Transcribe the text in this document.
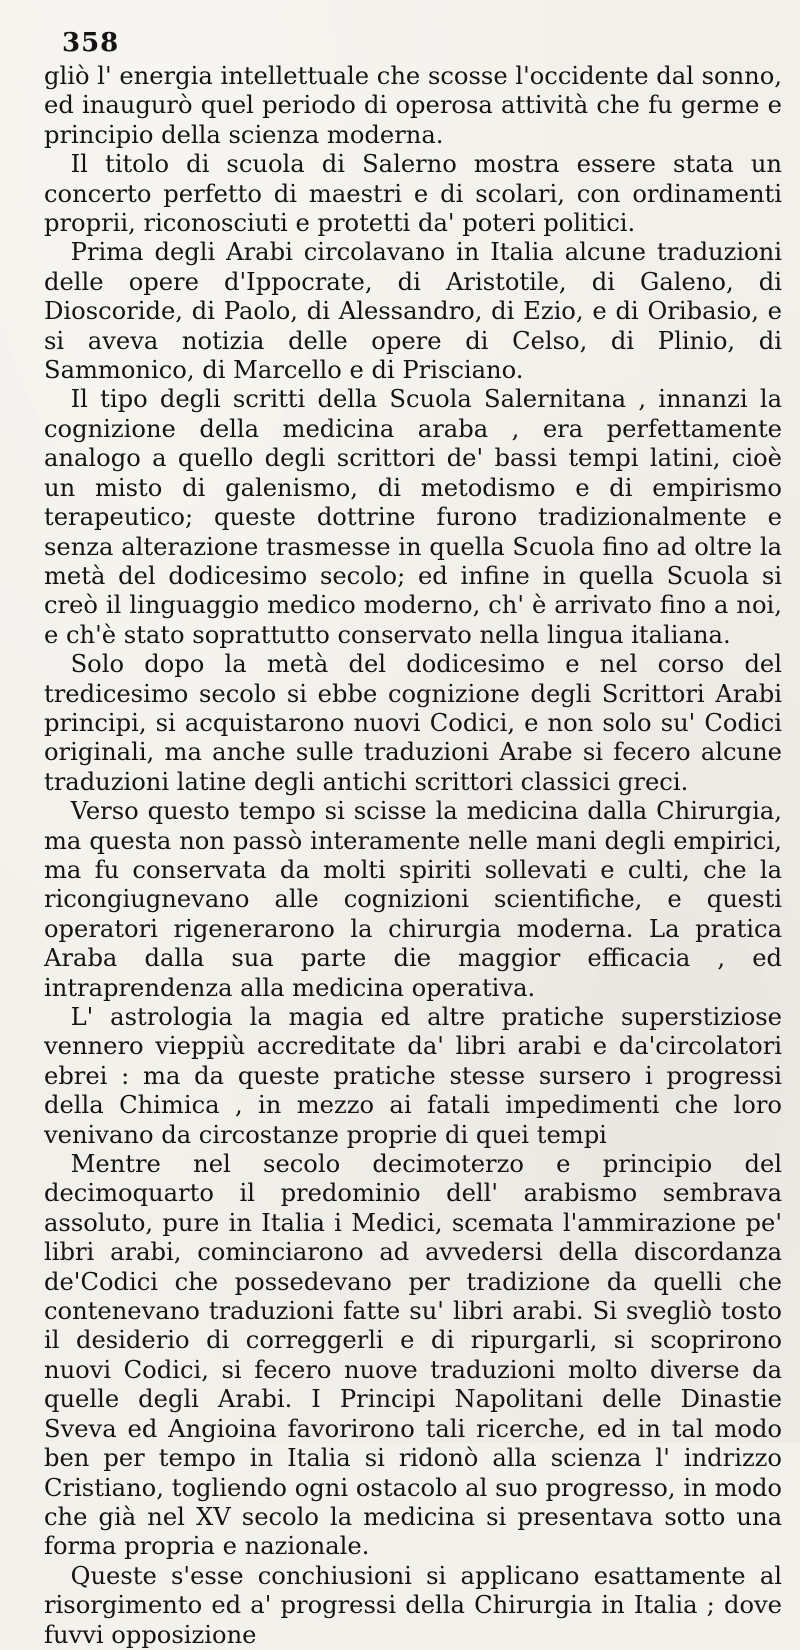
358

gliò l' energia intellettuale che scosse l'occidente dal sonno, ed inaugurò quel periodo di operosa attività che fu germe e principio della scienza moderna.

Il titolo di scuola di Salerno mostra essere stata un concerto perfetto di maestri e di scolari, con ordinamenti proprii, riconosciuti e protetti da' poteri politici.

Prima degli Arabi circolavano in Italia alcune traduzioni delle opere d'Ippocrate, di Aristotile, di Galeno, di Dioscoride, di Paolo, di Alessandro, di Ezio, e di Oribasio, e si aveva notizia delle opere di Celso, di Plinio, di Sammonico, di Marcello e di Prisciano.

Il tipo degli scritti della Scuola Salernitana , innanzi la cognizione della medicina araba , era perfettamente analogo a quello degli scrittori de' bassi tempi latini, cioè un misto di galenismo, di metodismo e di empirismo terapeutico; queste dottrine furono tradizionalmente e senza alterazione trasmesse in quella Scuola fino ad oltre la metà del dodicesimo secolo; ed infine in quella Scuola si creò il linguaggio medico moderno, ch' è arrivato fino a noi, e ch'è stato soprattutto conservato nella lingua italiana.

Solo dopo la metà del dodicesimo e nel corso del tredicesimo secolo si ebbe cognizione degli Scrittori Arabi principi, si acquistarono nuovi Codici, e non solo su' Codici originali, ma anche sulle traduzioni Arabe si fecero alcune traduzioni latine degli antichi scrittori classici greci.

Verso questo tempo si scisse la medicina dalla Chirurgia, ma questa non passò interamente nelle mani degli empirici, ma fu conservata da molti spiriti sollevati e culti, che la ricongiugnevano alle cognizioni scientifiche, e questi operatori rigenerarono la chirurgia moderna. La pratica Araba dalla sua parte die maggior efficacia , ed intraprendenza alla medicina operativa.

L' astrologia la magia ed altre pratiche superstiziose vennero vieppiù accreditate da' libri arabi e da'circolatori ebrei : ma da queste pratiche stesse sursero i progressi della Chimica , in mezzo ai fatali impedimenti che loro venivano da circostanze proprie di quei tempi

Mentre nel secolo decimoterzo e principio del decimoquarto il predominio dell' arabismo sembrava assoluto, pure in Italia i Medici, scemata l'ammirazione pe' libri arabi, cominciarono ad avvedersi della discordanza de'Codici che possedevano per tradizione da quelli che contenevano traduzioni fatte su' libri arabi. Si svegliò tosto il desiderio di correggerli e di ripurgarli, si scoprirono nuovi Codici, si fecero nuove traduzioni molto diverse da quelle degli Arabi. I Principi Napolitani delle Dinastie Sveva ed Angioina favorirono tali ricerche, ed in tal modo ben per tempo in Italia si ridonò alla scienza l' indrizzo Cristiano, togliendo ogni ostacolo al suo progresso, in modo che già nel XV secolo la medicina si presentava sotto una forma propria e nazionale.

Queste s'esse conchiusioni si applicano esattamente al risorgimento ed a' progressi della Chirurgia in Italia ; dove fuvvi opposizione
